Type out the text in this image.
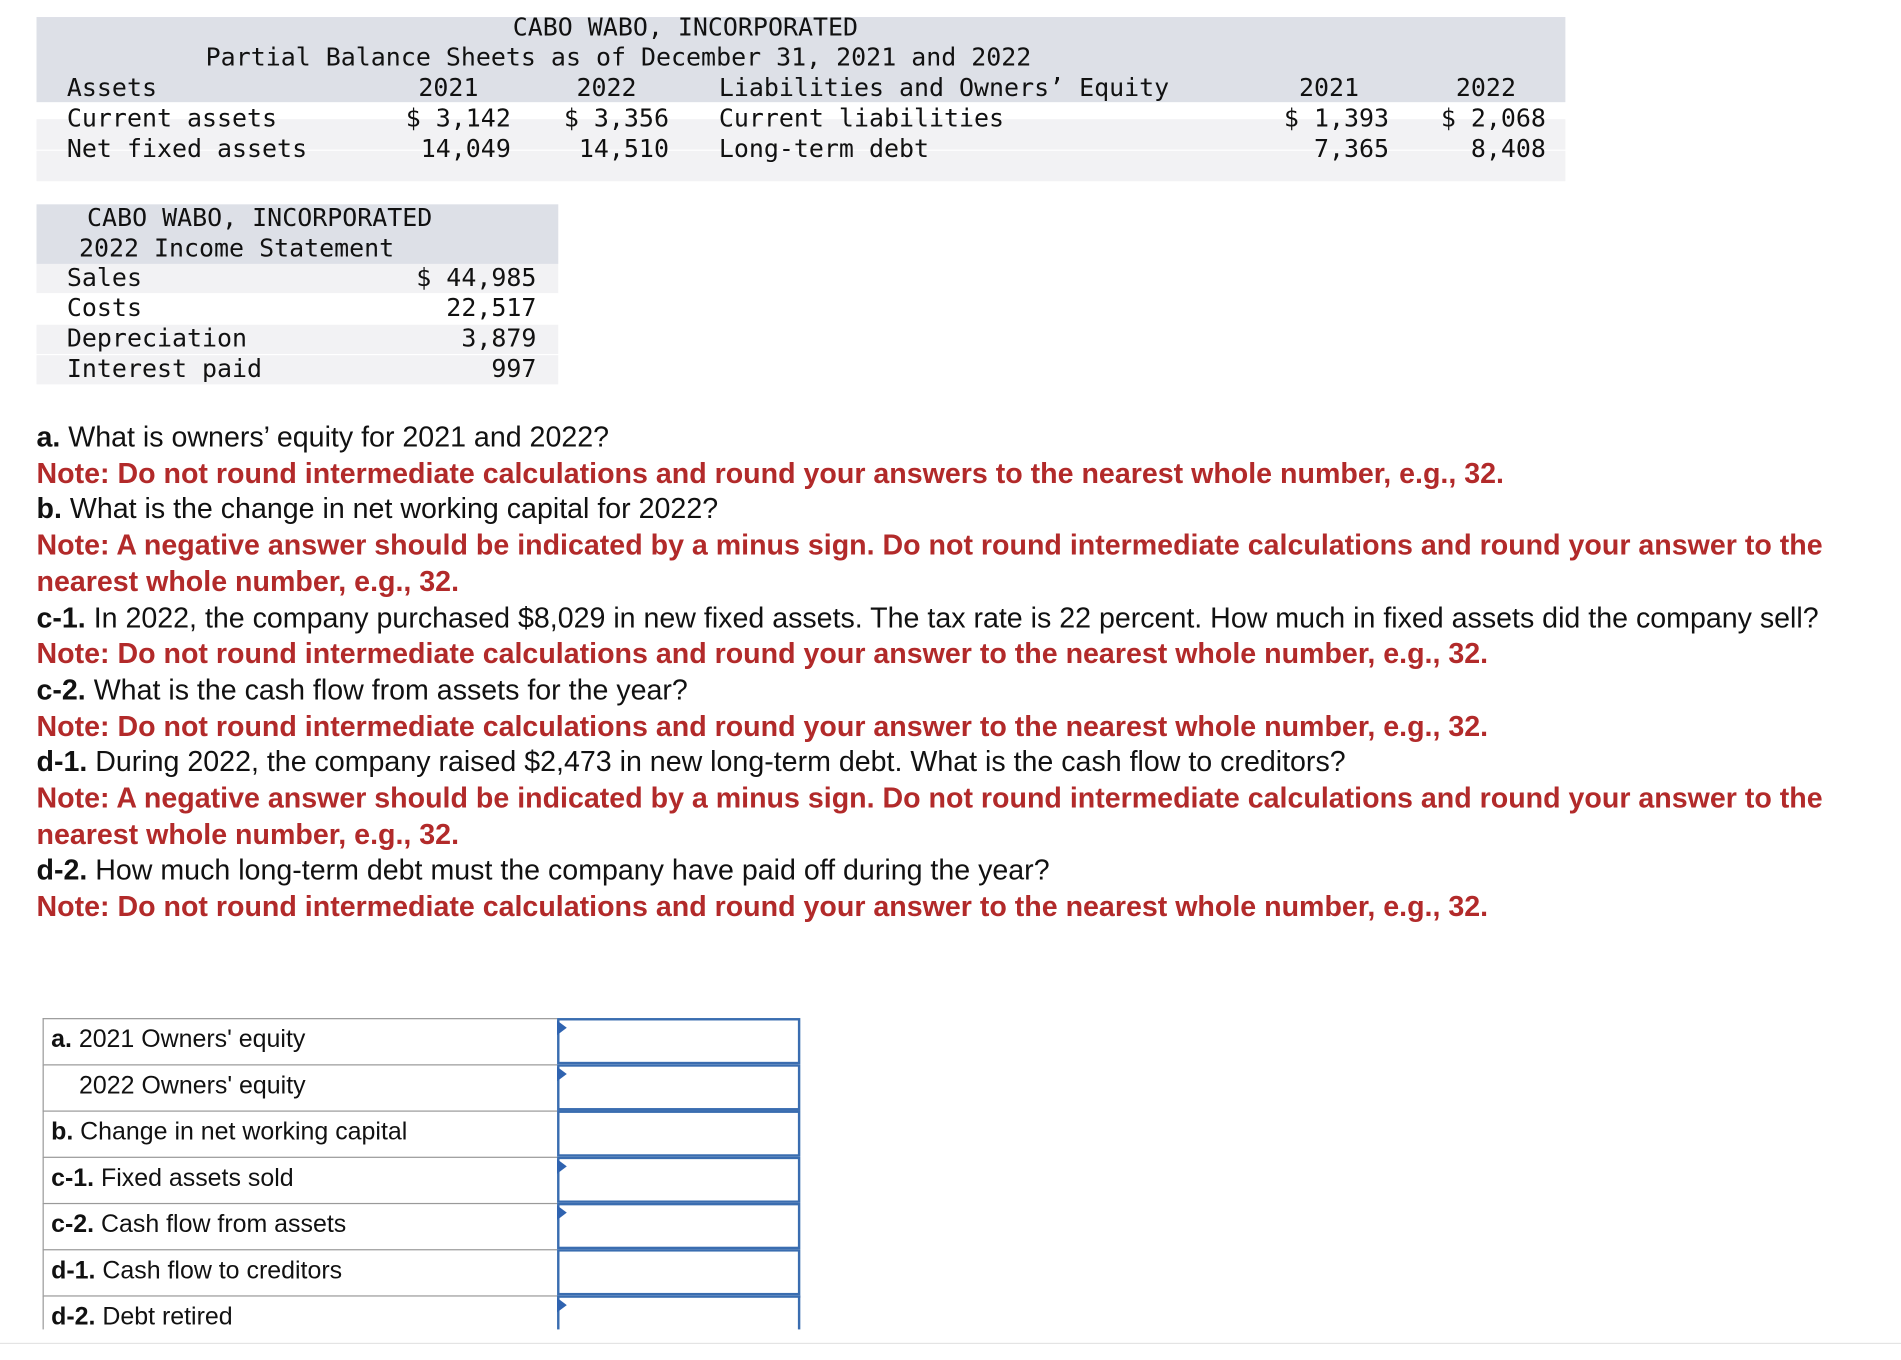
CABO WABO, INCORPORATED
Partial Balance Sheets as of December 31, 2021 and 2022
Assets	2021	2022	Liabilities and Owners’ Equity	2021	2022
Current assets	$ 3,142	$ 3,356 Current liabilities	$ 1,393	$ 2,068
Net fixed assets	14,049	14,510 Long-term debt	7,365	8,408
CABO WABO, INCORPORATED
2022 Income Statement
Sales	$ 44,985
Costs	22,517
Depreciation	3,879
Interest paid	997

a. What is owners’ equity for 2021 and 2022?

Note: Do not round intermediate calculations and round your answers to the nearest whole number, e.g., 32.

b. What is the change in net working capital for 2022?

Note: A negative answer should be indicated by a minus sign. Do not round intermediate calculations and round your answer to the nearest whole number, e.g., 32.

c-1. In 2022, the company purchased $8,029 in new fixed assets. The tax rate is 22 percent. How much in fixed assets did the company sell?

Note: Do not round intermediate calculations and round your answer to the nearest whole number, e.g., 32.

c-2. What is the cash flow from assets for the year?

Note: Do not round intermediate calculations and round your answer to the nearest whole number, e.g., 32.

d-1. During 2022, the company raised $2,473 in new long-term debt. What is the cash flow to creditors?

Note: A negative answer should be indicated by a minus sign. Do not round intermediate calculations and round your answer to the nearest whole number, e.g., 32.

d-2. How much long-term debt must the company have paid off during the year?

Note: Do not round intermediate calculations and round your answer to the nearest whole number, e.g., 32.

a. 2021 Owners' equity
2022 Owners' equity
b. Change in net working capital
c-1. Fixed assets sold
c-2. Cash flow from assets
d-1. Cash flow to creditors
d-2. Debt retired
